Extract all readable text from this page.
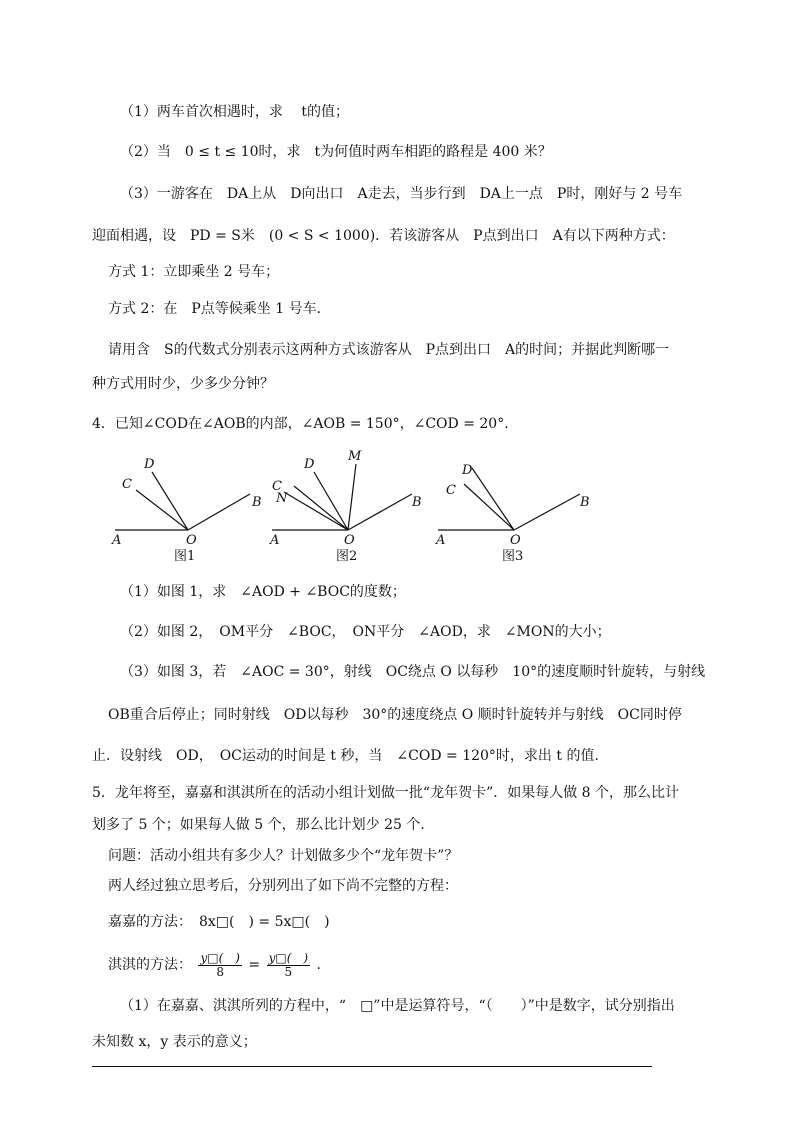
（1）两车首次相遇时，求　 t的值；
（2）当　0 ≤ t ≤ 10时，求　t为何值时两车相距的路程是 400 米？
（3）一游客在　DA上从　D向出口　A走去，当步行到　DA上一点　P时，刚好与 2 号车
迎面相遇，设　PD = S米　(0 < S < 1000)．若该游客从　P点到出口　A有以下两种方式：
方式 1：立即乘坐 2 号车；
方式 2：在　P点等候乘坐 1 号车．
请用含　S的代数式分别表示这两种方式该游客从　P点到出口　A的时间；并据此判断哪一
种方式用时少，少多少分钟？
4．已知∠COD在∠AOB的内部，∠AOB = 150°，∠COD = 20°.
A	O
B
C
D
A	O
B
C
D
M
N
A	O
B
C
D
图1	图2	图3
（1）如图 1，求　∠AOD + ∠BOC的度数；
（2）如图 2，　OM平分　∠BOC，　ON平分　∠AOD，求　∠MON的大小；
（3）如图 3，若　∠AOC = 30°，射线　OC绕点 O 以每秒　10°的速度顺时针旋转，与射线
OB重合后停止；同时射线　OD以每秒　30°的速度绕点 O 顺时针旋转并与射线　OC同时停
止．设射线　OD，　OC运动的时间是 t 秒，当　∠COD = 120°时，求出 t 的值．
5．龙年将至，嘉嘉和淇淇所在的活动小组计划做一批“龙年贺卡”．如果每人做 8 个，那么比计
划多了 5 个；如果每人做 5 个，那么比计划少 25 个．
问题：活动小组共有多少人？计划做多少个“龙年贺卡”？
两人经过独立思考后，分别列出了如下尚不完整的方程：
嘉嘉的方法：　8x□(　) = 5x□(　)
淇淇的方法： $\frac{y□( )}{8} = \frac{y□( )}{5}$ .
（1）在嘉嘉、淇淇所列的方程中，“　□”中是运算符号，“（　　）”中是数字，试分别指出
未知数 x，y 表示的意义；
